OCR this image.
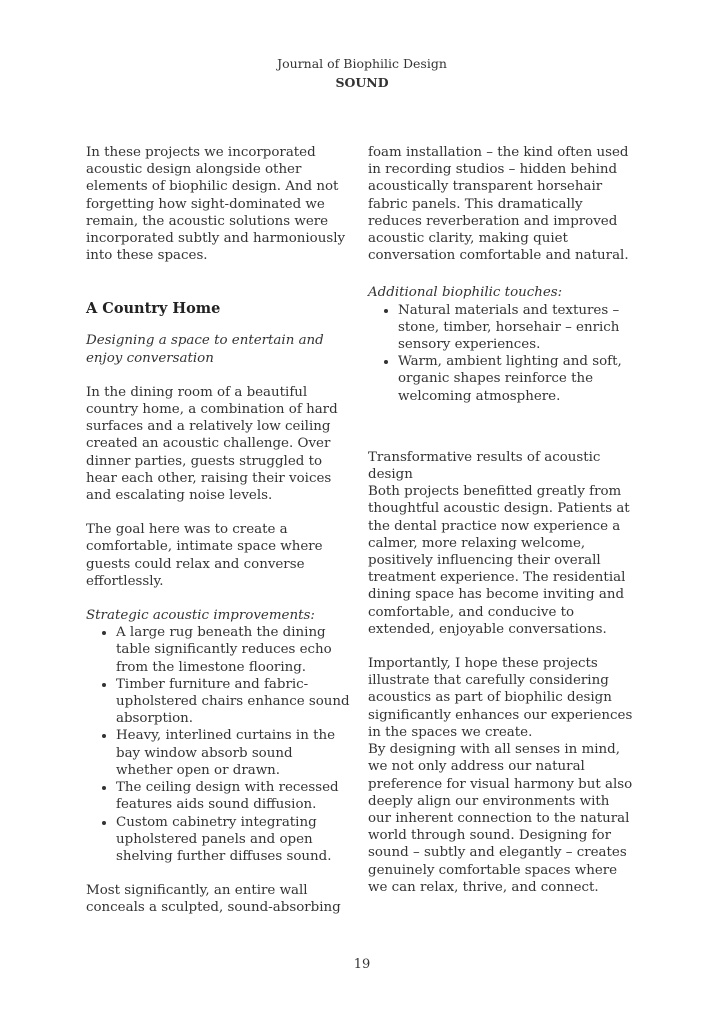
Journal of Biophilic Design
SOUND

In these projects we incorporated acoustic design alongside other elements of biophilic design. And not forgetting how sight-dominated we remain, the acoustic solutions were incorporated subtly and harmoniously into these spaces.

A Country Home

Designing a space to entertain and enjoy conversation

In the dining room of a beautiful country home, a combination of hard surfaces and a relatively low ceiling created an acoustic challenge. Over dinner parties, guests struggled to hear each other, raising their voices and escalating noise levels.

The goal here was to create a comfortable, intimate space where guests could relax and converse effortlessly.

Strategic acoustic improvements:

• A large rug beneath the dining table significantly reduces echo from the limestone flooring.
• Timber furniture and fabric-upholstered chairs enhance sound absorption.
• Heavy, interlined curtains in the bay window absorb sound whether open or drawn.
• The ceiling design with recessed features aids sound diffusion.
• Custom cabinetry integrating upholstered panels and open shelving further diffuses sound.

Most significantly, an entire wall conceals a sculpted, sound-absorbing

foam installation – the kind often used in recording studios – hidden behind acoustically transparent horsehair fabric panels. This dramatically reduces reverberation and improved acoustic clarity, making quiet conversation comfortable and natural.

Additional biophilic touches:

• Natural materials and textures – stone, timber, horsehair – enrich sensory experiences.
• Warm, ambient lighting and soft, organic shapes reinforce the welcoming atmosphere.

Transformative results of acoustic design

Both projects benefitted greatly from thoughtful acoustic design. Patients at the dental practice now experience a calmer, more relaxing welcome, positively influencing their overall treatment experience. The residential dining space has become inviting and comfortable, and conducive to extended, enjoyable conversations.

Importantly, I hope these projects illustrate that carefully considering acoustics as part of biophilic design significantly enhances our experiences in the spaces we create.

By designing with all senses in mind, we not only address our natural preference for visual harmony but also deeply align our environments with our inherent connection to the natural world through sound. Designing for sound – subtly and elegantly – creates genuinely comfortable spaces where we can relax, thrive, and connect.

19
